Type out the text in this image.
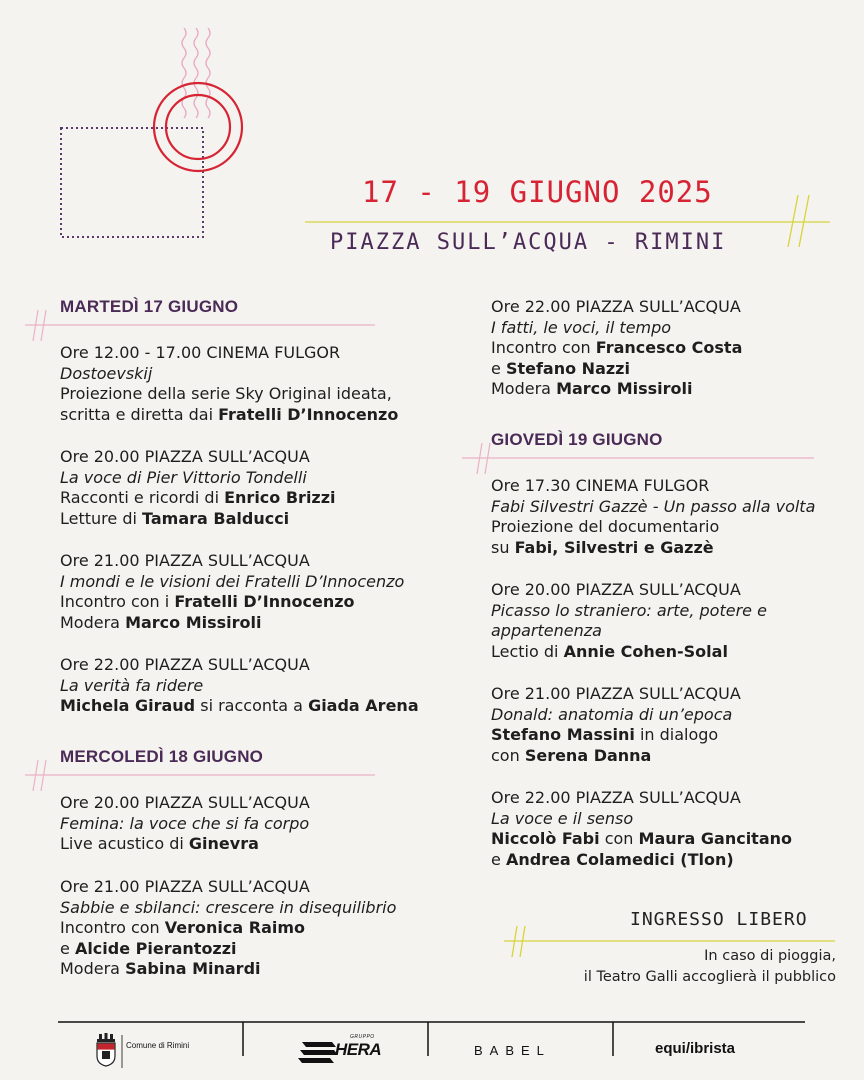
17 - 19 GIUGNO 2025
PIAZZA SULL’ACQUA - RIMINI
MARTEDÌ 17 GIUGNO
Ore 12.00 - 17.00 CINEMA FULGOR
Dostoevskij
Proiezione della serie Sky Original ideata,
scritta e diretta dai Fratelli D’Innocenzo
Ore 20.00 PIAZZA SULL’ACQUA
La voce di Pier Vittorio Tondelli
Racconti e ricordi di Enrico Brizzi
Letture di Tamara Balducci
Ore 21.00 PIAZZA SULL’ACQUA
I mondi e le visioni dei Fratelli D’Innocenzo
Incontro con i Fratelli D’Innocenzo
Modera Marco Missiroli
Ore 22.00 PIAZZA SULL’ACQUA
La verità fa ridere
Michela Giraud si racconta a Giada Arena
MERCOLEDÌ 18 GIUGNO
Ore 20.00 PIAZZA SULL’ACQUA
Femina: la voce che si fa corpo
Live acustico di Ginevra
Ore 21.00 PIAZZA SULL’ACQUA
Sabbie e sbilanci: crescere in disequilibrio
Incontro con Veronica Raimo
e Alcide Pierantozzi
Modera Sabina Minardi
Ore 22.00 PIAZZA SULL’ACQUA
I fatti, le voci, il tempo
Incontro con Francesco Costa
e Stefano Nazzi
Modera Marco Missiroli
GIOVEDÌ 19 GIUGNO
Ore 17.30 CINEMA FULGOR
Fabi Silvestri Gazzè - Un passo alla volta
Proiezione del documentario
su Fabi, Silvestri e Gazzè
Ore 20.00 PIAZZA SULL’ACQUA
Picasso lo straniero: arte, potere e
appartenenza
Lectio di Annie Cohen-Solal
Ore 21.00 PIAZZA SULL’ACQUA
Donald: anatomia di un’epoca
Stefano Massini in dialogo
con Serena Danna
Ore 22.00 PIAZZA SULL’ACQUA
La voce e il senso
Niccolò Fabi con Maura Gancitano
e Andrea Colamedici (Tlon)
INGRESSO LIBERO
In caso di pioggia,
il Teatro Galli accoglierà il pubblico
Comune di Rimini
GRUPPO
HERA	BABEL	equi/ibrista
